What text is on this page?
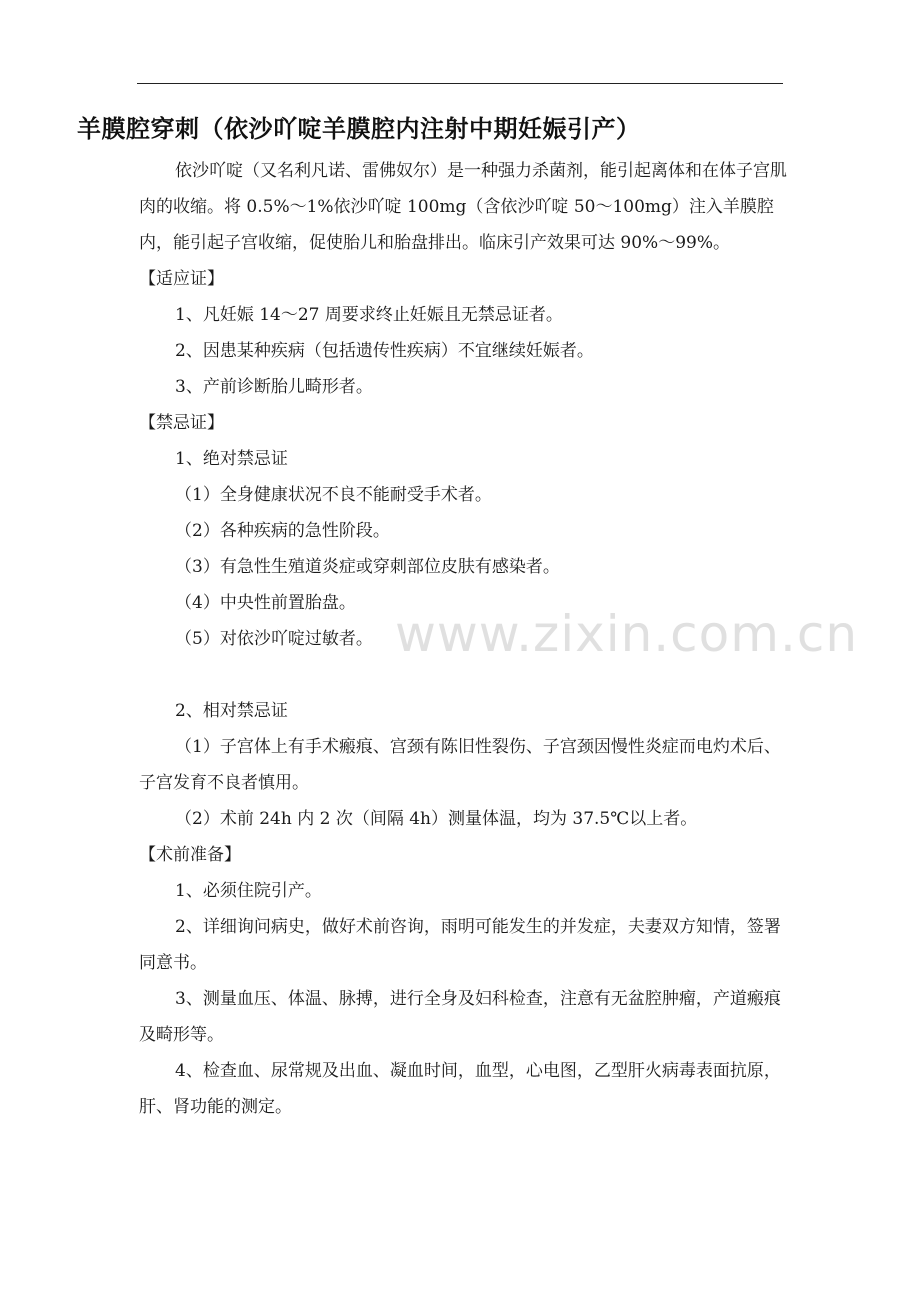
羊膜腔穿刺（依沙吖啶羊膜腔内注射中期妊娠引产）

依沙吖啶（又名利凡诺、雷佛奴尔）是一种强力杀菌剂，能引起离体和在体子宫肌肉的收缩。将 0.5%～1%依沙吖啶 100mg（含依沙吖啶 50～100mg）注入羊膜腔内，能引起子宫收缩，促使胎儿和胎盘排出。临床引产效果可达 90%～99%。

【适应证】

1、凡妊娠 14～27 周要求终止妊娠且无禁忌证者。

2、因患某种疾病（包括遗传性疾病）不宜继续妊娠者。

3、产前诊断胎儿畸形者。

【禁忌证】

1、绝对禁忌证

（1）全身健康状况不良不能耐受手术者。

（2）各种疾病的急性阶段。

（3）有急性生殖道炎症或穿刺部位皮肤有感染者。

（4）中央性前置胎盘。

（5）对依沙吖啶过敏者。

2、相对禁忌证

（1）子宫体上有手术瘢痕、宫颈有陈旧性裂伤、子宫颈因慢性炎症而电灼术后、子宫发育不良者慎用。

（2）术前 24h 内 2 次（间隔 4h）测量体温，均为 37.5℃以上者。

【术前准备】

1、必须住院引产。

2、详细询问病史，做好术前咨询，雨明可能发生的并发症，夫妻双方知情，签署同意书。

3、测量血压、体温、脉搏，进行全身及妇科检查，注意有无盆腔肿瘤，产道瘢痕及畸形等。

4、检查血、尿常规及出血、凝血时间，血型，心电图，乙型肝火病毒表面抗原，肝、肾功能的测定。

www.zixin.com.cn
